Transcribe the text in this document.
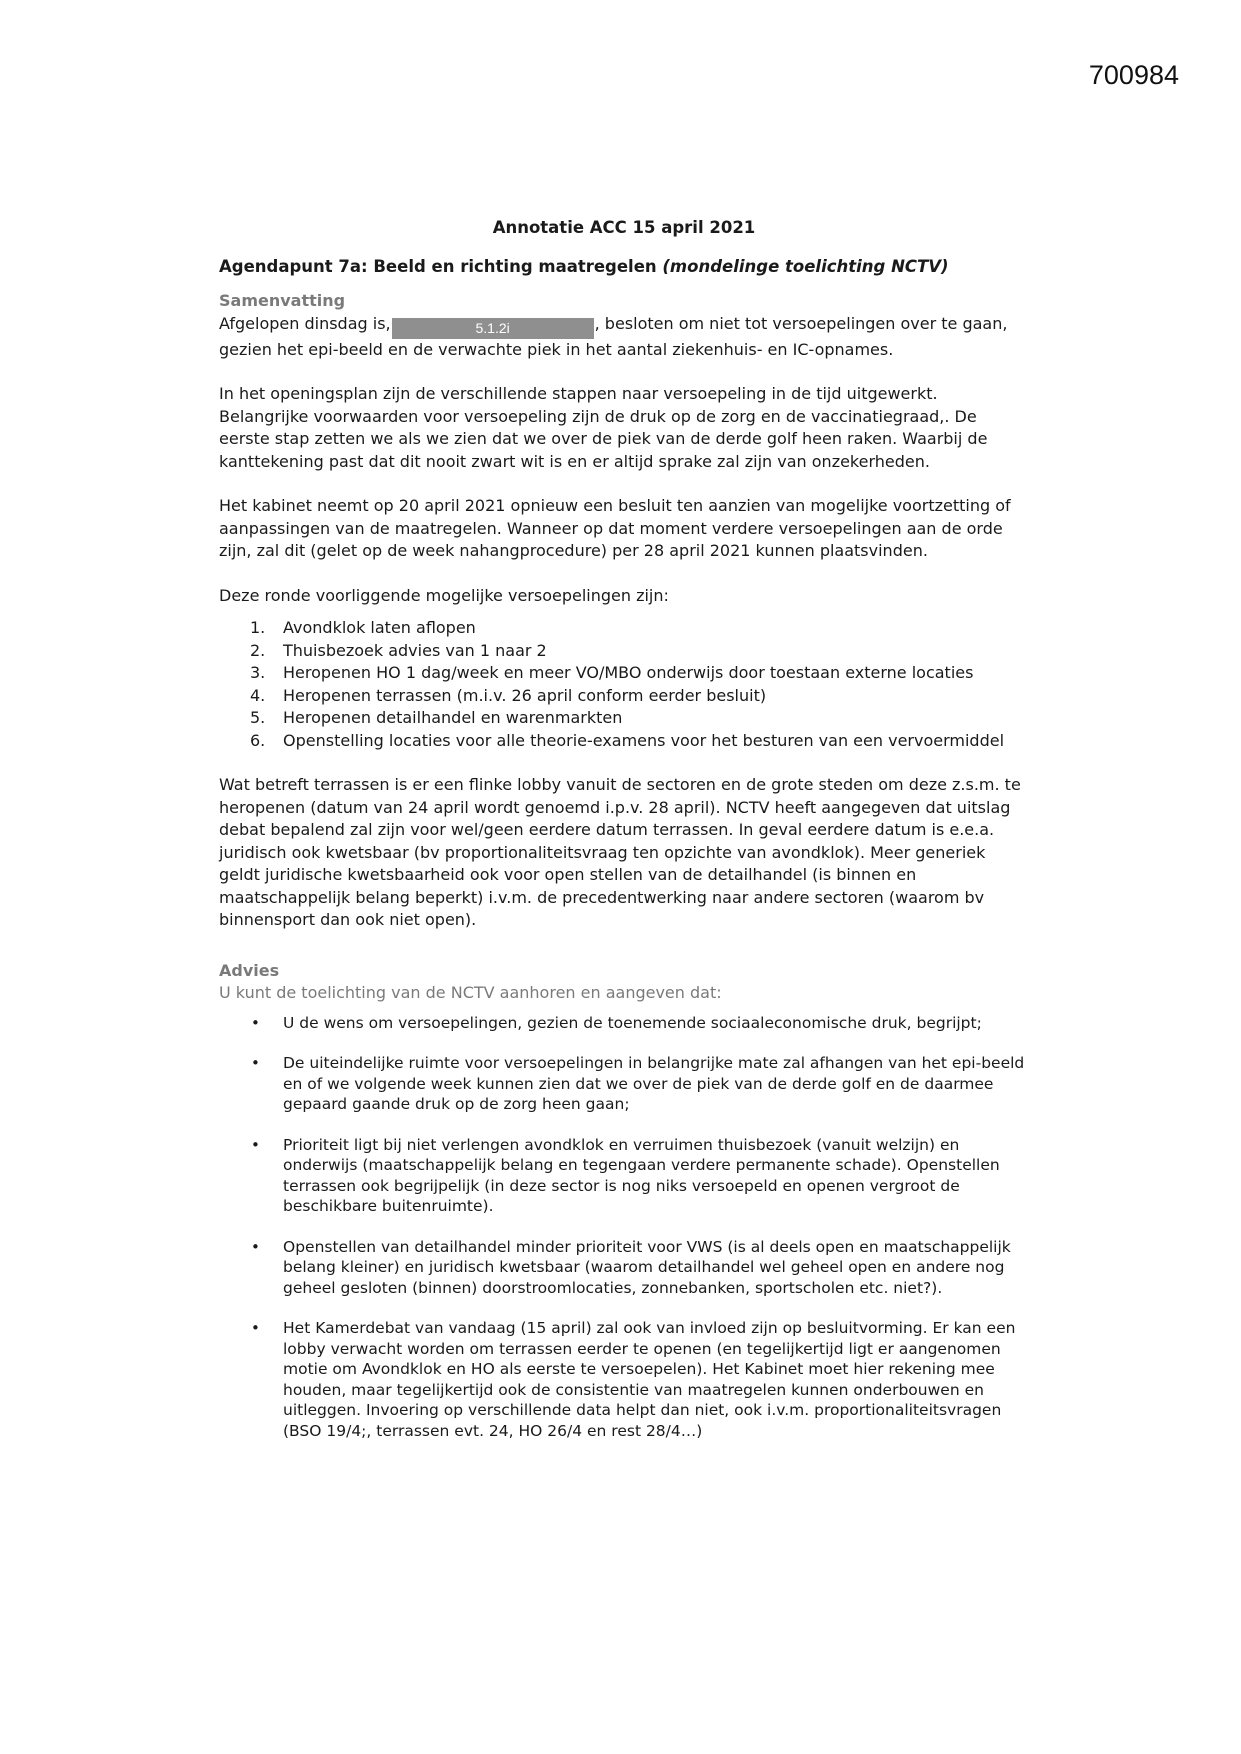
700984

Annotatie ACC 15 april 2021

Agendapunt 7a: Beeld en richting maatregelen (mondelinge toelichting NCTV)

Samenvatting

Afgelopen dinsdag is,	5.1.2i	, besloten om niet tot versoepelingen over te gaan, gezien het epi-beeld en de verwachte piek in het aantal ziekenhuis- en IC-opnames.

In het openingsplan zijn de verschillende stappen naar versoepeling in de tijd uitgewerkt. Belangrijke voorwaarden voor versoepeling zijn de druk op de zorg en de vaccinatiegraad,. De eerste stap zetten we als we zien dat we over de piek van de derde golf heen raken. Waarbij de kanttekening past dat dit nooit zwart wit is en er altijd sprake zal zijn van onzekerheden.

Het kabinet neemt op 20 april 2021 opnieuw een besluit ten aanzien van mogelijke voortzetting of aanpassingen van de maatregelen. Wanneer op dat moment verdere versoepelingen aan de orde zijn, zal dit (gelet op de week nahangprocedure) per 28 april 2021 kunnen plaatsvinden.

Deze ronde voorliggende mogelijke versoepelingen zijn:

1. Avondklok laten aflopen
2. Thuisbezoek advies van 1 naar 2
3. Heropenen HO 1 dag/week en meer VO/MBO onderwijs door toestaan externe locaties
4. Heropenen terrassen (m.i.v. 26 april conform eerder besluit)
5. Heropenen detailhandel en warenmarkten
6. Openstelling locaties voor alle theorie-examens voor het besturen van een vervoermiddel

Wat betreft terrassen is er een flinke lobby vanuit de sectoren en de grote steden om deze z.s.m. te heropenen (datum van 24 april wordt genoemd i.p.v. 28 april). NCTV heeft aangegeven dat uitslag debat bepalend zal zijn voor wel/geen eerdere datum terrassen. In geval eerdere datum is e.e.a. juridisch ook kwetsbaar (bv proportionaliteitsvraag ten opzichte van avondklok). Meer generiek geldt juridische kwetsbaarheid ook voor open stellen van de detailhandel (is binnen en maatschappelijk belang beperkt) i.v.m. de precedentwerking naar andere sectoren (waarom bv binnensport dan ook niet open).

Advies

U kunt de toelichting van de NCTV aanhoren en aangeven dat:

• U de wens om versoepelingen, gezien de toenemende sociaaleconomische druk, begrijpt;
• De uiteindelijke ruimte voor versoepelingen in belangrijke mate zal afhangen van het epi-beeld en of we volgende week kunnen zien dat we over de piek van de derde golf en de daarmee gepaard gaande druk op de zorg heen gaan;
• Prioriteit ligt bij niet verlengen avondklok en verruimen thuisbezoek (vanuit welzijn) en onderwijs (maatschappelijk belang en tegengaan verdere permanente schade). Openstellen terrassen ook begrijpelijk (in deze sector is nog niks versoepeld en openen vergroot de beschikbare buitenruimte).
• Openstellen van detailhandel minder prioriteit voor VWS (is al deels open en maatschappelijk belang kleiner) en juridisch kwetsbaar (waarom detailhandel wel geheel open en andere nog geheel gesloten (binnen) doorstroomlocaties, zonnebanken, sportscholen etc. niet?).
• Het Kamerdebat van vandaag (15 april) zal ook van invloed zijn op besluitvorming. Er kan een lobby verwacht worden om terrassen eerder te openen (en tegelijkertijd ligt er aangenomen motie om Avondklok en HO als eerste te versoepelen). Het Kabinet moet hier rekening mee houden, maar tegelijkertijd ook de consistentie van maatregelen kunnen onderbouwen en uitleggen. Invoering op verschillende data helpt dan niet, ook i.v.m. proportionaliteitsvragen (BSO 19/4;, terrassen evt. 24, HO 26/4 en rest 28/4…)
